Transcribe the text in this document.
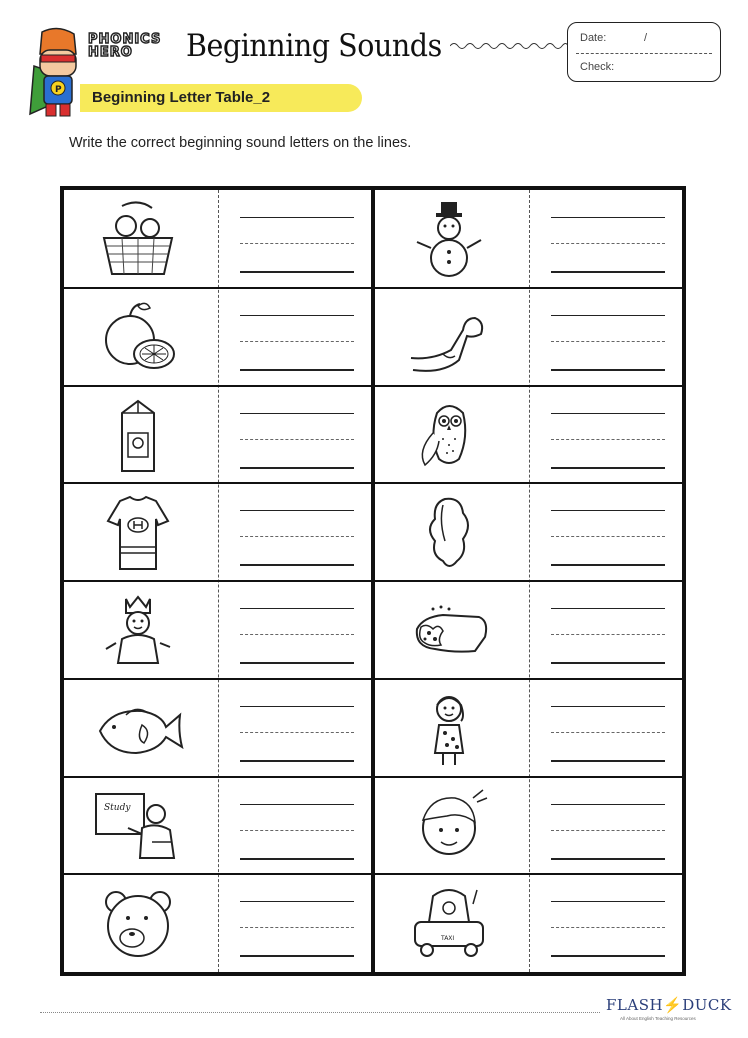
P
PHONICS
HERO	Beginning Sounds
Beginning Letter Table_2
Date:	/
Check:
Write the correct beginning sound letters on the lines.
Study
TAXI
FLASH⚡DUCK
All About English Teaching Resources
